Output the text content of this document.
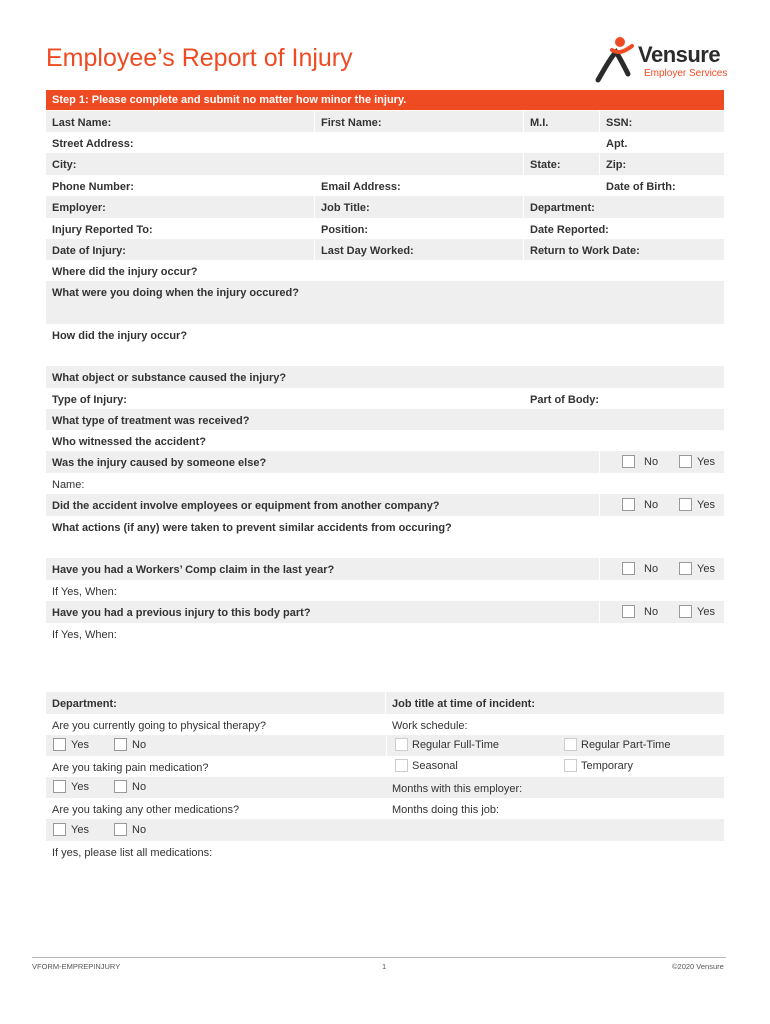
Employee’s Report of Injury	Vensure
Employer Services
Step 1: Please complete and submit no matter how minor the injury.
Last Name:	First Name:	M.I.	SSN:
Street Address:	Apt.
City:	State:	Zip:
Phone Number:	Email Address:	Date of Birth:
Employer:	Job Title:	Department:
Injury Reported To:	Position:	Date Reported:
Date of Injury:	Last Day Worked:	Return to Work Date:
Where did the injury occur?
What were you doing when the injury occured?
How did the injury occur?
What object or substance caused the injury?
Type of Injury:	Part of Body:
What type of treatment was received?
Who witnessed the accident?
Was the injury caused by someone else?	No	Yes
Name:
Did the accident involve employees or equipment from another company?	No	Yes
What actions (if any) were taken to prevent similar accidents from occuring?
Have you had a Workers’ Comp claim in the last year?	No	Yes
If Yes, When:
Have you had a previous injury to this body part?	No	Yes
If Yes, When:
Department:	Job title at time of incident:
Are you currently going to physical therapy?	Work schedule:
Yes	No	Regular Full-Time	Regular Part-Time
Are you taking pain medication?	Seasonal	Temporary
Yes	No	Months with this employer:
Are you taking any other medications?	Months doing this job:
Yes	No
If yes, please list all medications:
VFORM-EMPREPINJURY	1	©2020 Vensure
